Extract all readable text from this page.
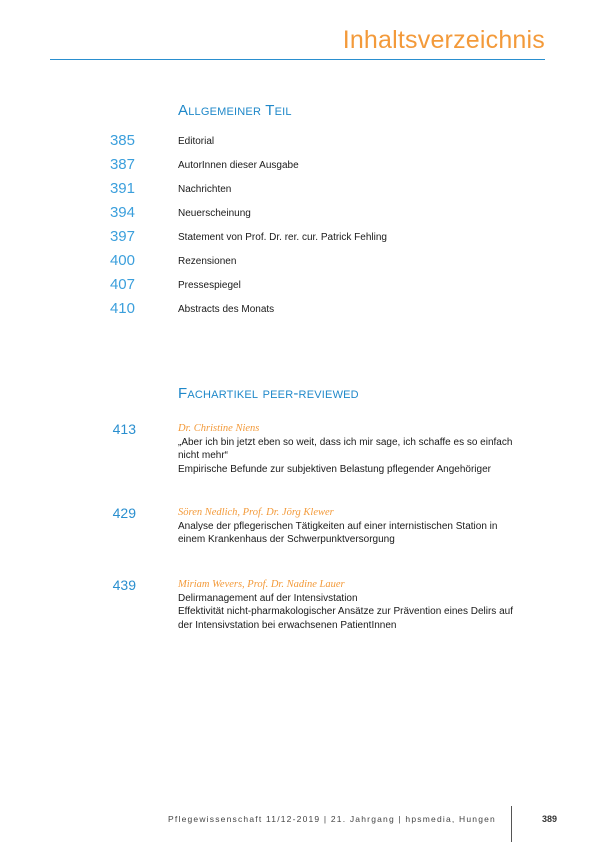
Inhaltsverzeichnis
Allgemeiner Teil
385	Editorial
387	AutorInnen dieser Ausgabe
391	Nachrichten
394	Neuerscheinung
397	Statement von Prof. Dr. rer. cur. Patrick Fehling
400	Rezensionen
407	Pressespiegel
410	Abstracts des Monats
Fachartikel peer-reviewed
413	Dr. Christine Niens
„Aber ich bin jetzt eben so weit, dass ich mir sage, ich schaffe es so einfach
nicht mehr“
Empirische Befunde zur subjektiven Belastung pflegender Angehöriger
429	Sören Nedlich, Prof. Dr. Jörg Klewer
Analyse der pflegerischen Tätigkeiten auf einer internistischen Station in
einem Krankenhaus der Schwerpunktversorgung
439	Miriam Wevers, Prof. Dr. Nadine Lauer
Delirmanagement auf der Intensivstation
Effektivität nicht-pharmakologischer Ansätze zur Prävention eines Delirs auf
der Intensivstation bei erwachsenen PatientInnen
Pflegewissenschaft 11/12-2019 | 21. Jahrgang | hpsmedia, Hungen	389
